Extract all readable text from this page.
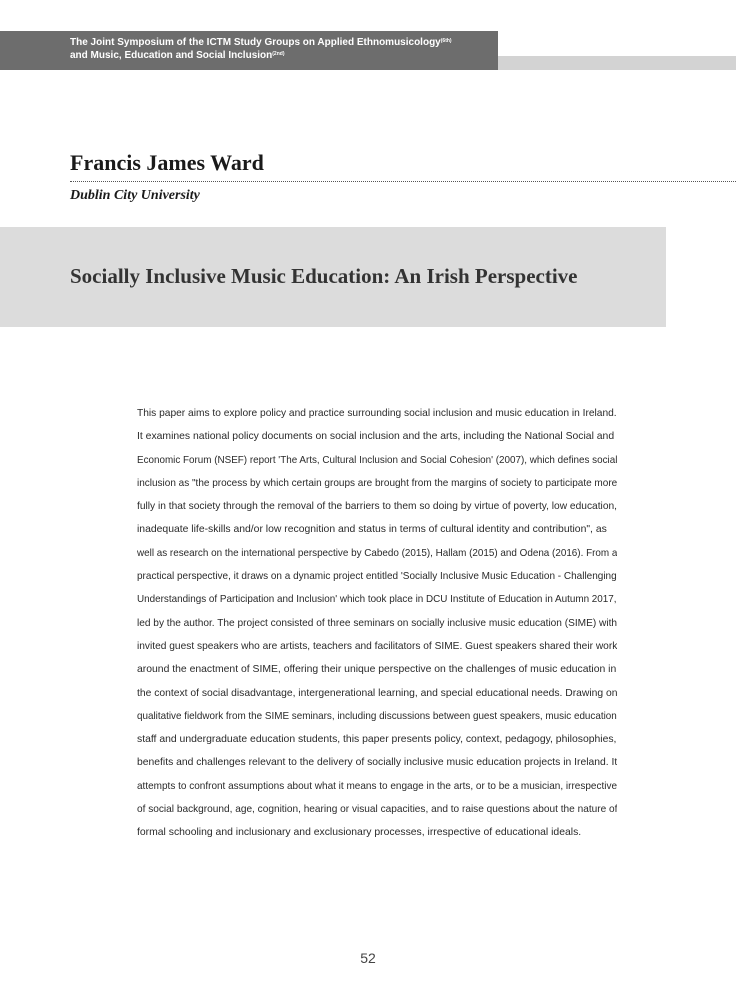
The Joint Symposium of the ICTM Study Groups on Applied Ethnomusicology$^{(6th)}$
and Music, Education and Social Inclusion$^{(2nd)}$
Francis James Ward
Dublin City University
Socially Inclusive Music Education: An Irish Perspective
This paper aims to explore policy and practice surrounding social inclusion and music education in Ireland.
It examines national policy documents on social inclusion and the arts, including the National Social and
Economic Forum (NSEF) report 'The Arts, Cultural Inclusion and Social Cohesion' (2007), which defines social
inclusion as "the process by which certain groups are brought from the margins of society to participate more
fully in that society through the removal of the barriers to them so doing by virtue of poverty, low education,
inadequate life-skills and/or low recognition and status in terms of cultural identity and contribution", as
well as research on the international perspective by Cabedo (2015), Hallam (2015) and Odena (2016). From a
practical perspective, it draws on a dynamic project entitled 'Socially Inclusive Music Education - Challenging
Understandings of Participation and Inclusion' which took place in DCU Institute of Education in Autumn 2017,
led by the author. The project consisted of three seminars on socially inclusive music education (SIME) with
invited guest speakers who are artists, teachers and facilitators of SIME. Guest speakers shared their work
around the enactment of SIME, offering their unique perspective on the challenges of music education in
the context of social disadvantage, intergenerational learning, and special educational needs. Drawing on
qualitative fieldwork from the SIME seminars, including discussions between guest speakers, music education
staff and undergraduate education students, this paper presents policy, context, pedagogy, philosophies,
benefits and challenges relevant to the delivery of socially inclusive music education projects in Ireland. It
attempts to confront assumptions about what it means to engage in the arts, or to be a musician, irrespective
of social background, age, cognition, hearing or visual capacities, and to raise questions about the nature of
formal schooling and inclusionary and exclusionary processes, irrespective of educational ideals.
52
